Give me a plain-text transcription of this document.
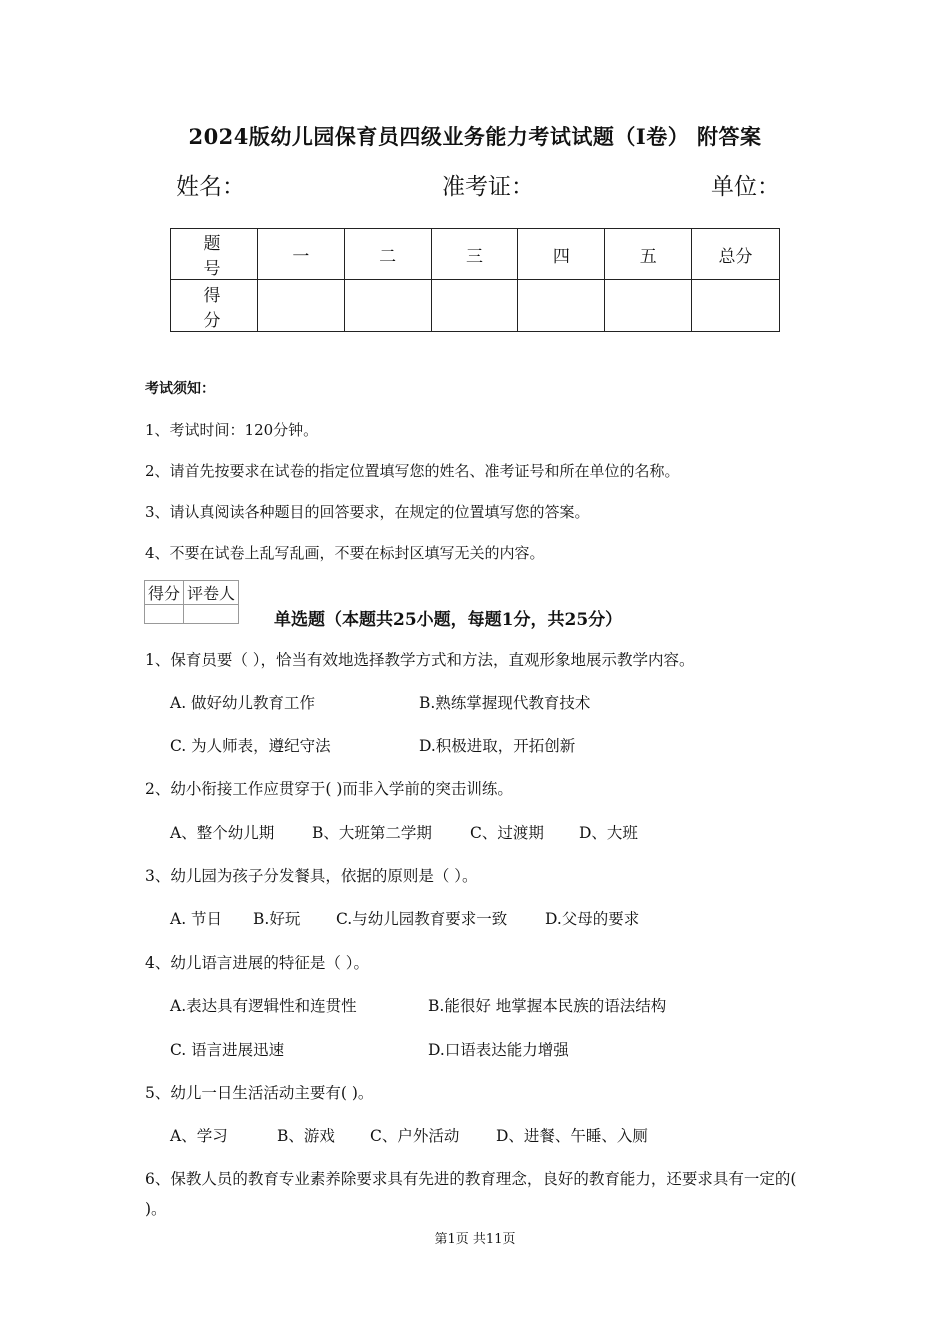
2024版幼儿园保育员四级业务能力考试试题（I卷） 附答案
姓名：	准考证：	单位：
题 号	一	二	三	四	五	总分
得 分						
考试须知：
1、考试时间：120分钟。
2、请首先按要求在试卷的指定位置填写您的姓名、准考证号和所在单位的名称。
3、请认真阅读各种题目的回答要求，在规定的位置填写您的答案。
4、不要在试卷上乱写乱画，不要在标封区填写无关的内容。
得分	评卷人

单选题（本题共25小题，每题1分，共25分）
1、保育员要（ ），恰当有效地选择教学方式和方法，直观形象地展示教学内容。
A. 做好幼儿教育工作	B.熟练掌握现代教育技术
C. 为人师表，遵纪守法	D.积极进取，开拓创新
2、幼小衔接工作应贯穿于( )而非入学前的突击训练。
A、整个幼儿期 B、大班第二学期 C、过渡期 D、大班
3、幼儿园为孩子分发餐具，依据的原则是（ ）。
A. 节日 B.好玩 C.与幼儿园教育要求一致 D.父母的要求
4、幼儿语言进展的特征是（ ）。
A.表达具有逻辑性和连贯性	B.能很好 地掌握本民族的语法结构
C. 语言进展迅速	D.口语表达能力增强
5、幼儿一日生活活动主要有( )。
A、学习	B、游戏 C、户外活动 D、进餐、午睡、入厕
6、保教人员的教育专业素养除要求具有先进的教育理念，良好的教育能力，还要求具有一定的( )。
第1页 共11页
